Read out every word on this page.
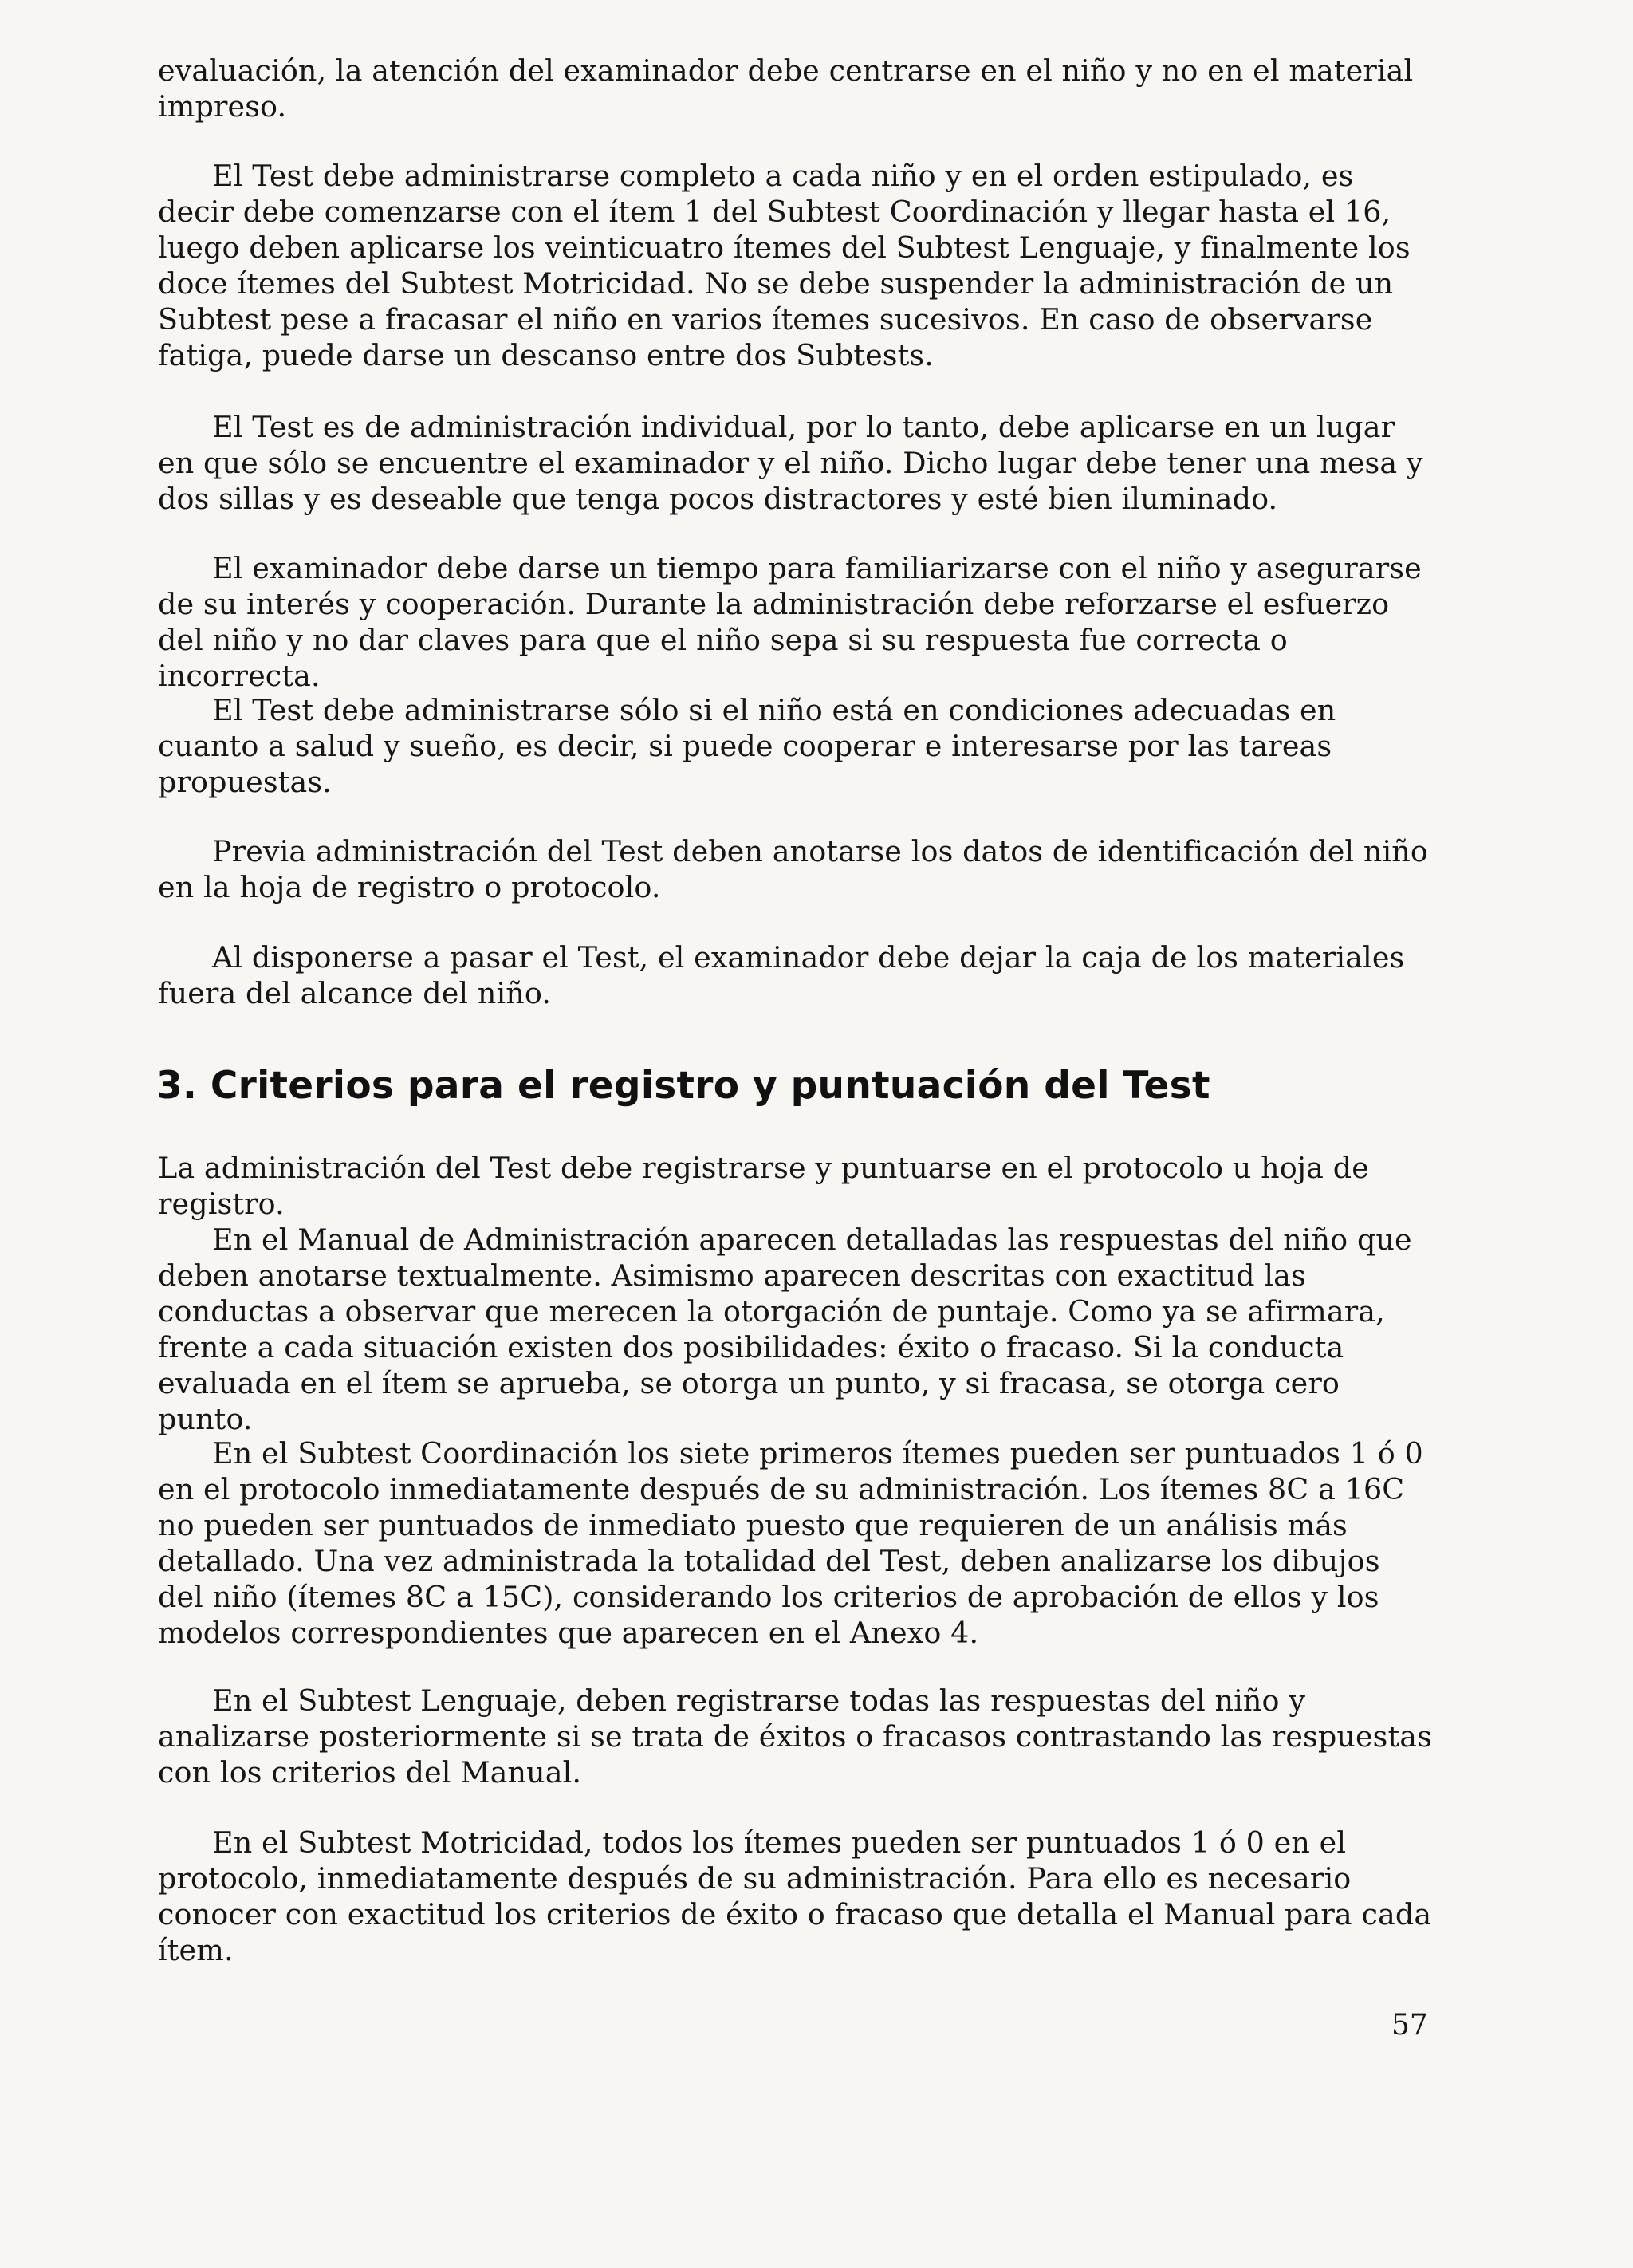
evaluación, la atención del examinador debe centrarse en el niño y no en el material impreso.

El Test debe administrarse completo a cada niño y en el orden estipulado, es decir debe comenzarse con el ítem 1 del Subtest Coordinación y llegar hasta el 16, luego deben aplicarse los veinticuatro ítemes del Subtest Lenguaje, y finalmente los doce ítemes del Subtest Motricidad. No se debe suspender la administración de un Subtest pese a fracasar el niño en varios ítemes sucesivos. En caso de observarse fatiga, puede darse un descanso entre dos Subtests.

El Test es de administración individual, por lo tanto, debe aplicarse en un lugar en que sólo se encuentre el examinador y el niño. Dicho lugar debe tener una mesa y dos sillas y es deseable que tenga pocos distractores y esté bien iluminado.

El examinador debe darse un tiempo para familiarizarse con el niño y asegurarse de su interés y cooperación. Durante la administración debe reforzarse el esfuerzo del niño y no dar claves para que el niño sepa si su respuesta fue correcta o incorrecta.

El Test debe administrarse sólo si el niño está en condiciones adecuadas en cuanto a salud y sueño, es decir, si puede cooperar e interesarse por las tareas propuestas.

Previa administración del Test deben anotarse los datos de identificación del niño en la hoja de registro o protocolo.

Al disponerse a pasar el Test, el examinador debe dejar la caja de los materiales fuera del alcance del niño.

3. Criterios para el registro y puntuación del Test

La administración del Test debe registrarse y puntuarse en el protocolo u hoja de registro.

En el Manual de Administración aparecen detalladas las respuestas del niño que deben anotarse textualmente. Asimismo aparecen descritas con exactitud las conductas a observar que merecen la otorgación de puntaje. Como ya se afirmara, frente a cada situación existen dos posibilidades: éxito o fracaso. Si la conducta evaluada en el ítem se aprueba, se otorga un punto, y si fracasa, se otorga cero punto.

En el Subtest Coordinación los siete primeros ítemes pueden ser puntuados 1 ó 0 en el protocolo inmediatamente después de su administración. Los ítemes 8C a 16C no pueden ser puntuados de inmediato puesto que requieren de un análisis más detallado. Una vez administrada la totalidad del Test, deben analizarse los dibujos del niño (ítemes 8C a 15C), considerando los criterios de aprobación de ellos y los modelos correspondientes que aparecen en el Anexo 4.

En el Subtest Lenguaje, deben registrarse todas las respuestas del niño y analizarse posteriormente si se trata de éxitos o fracasos contrastando las respuestas con los criterios del Manual.

En el Subtest Motricidad, todos los ítemes pueden ser puntuados 1 ó 0 en el protocolo, inmediatamente después de su administración. Para ello es necesario conocer con exactitud los criterios de éxito o fracaso que detalla el Manual para cada ítem.

57
